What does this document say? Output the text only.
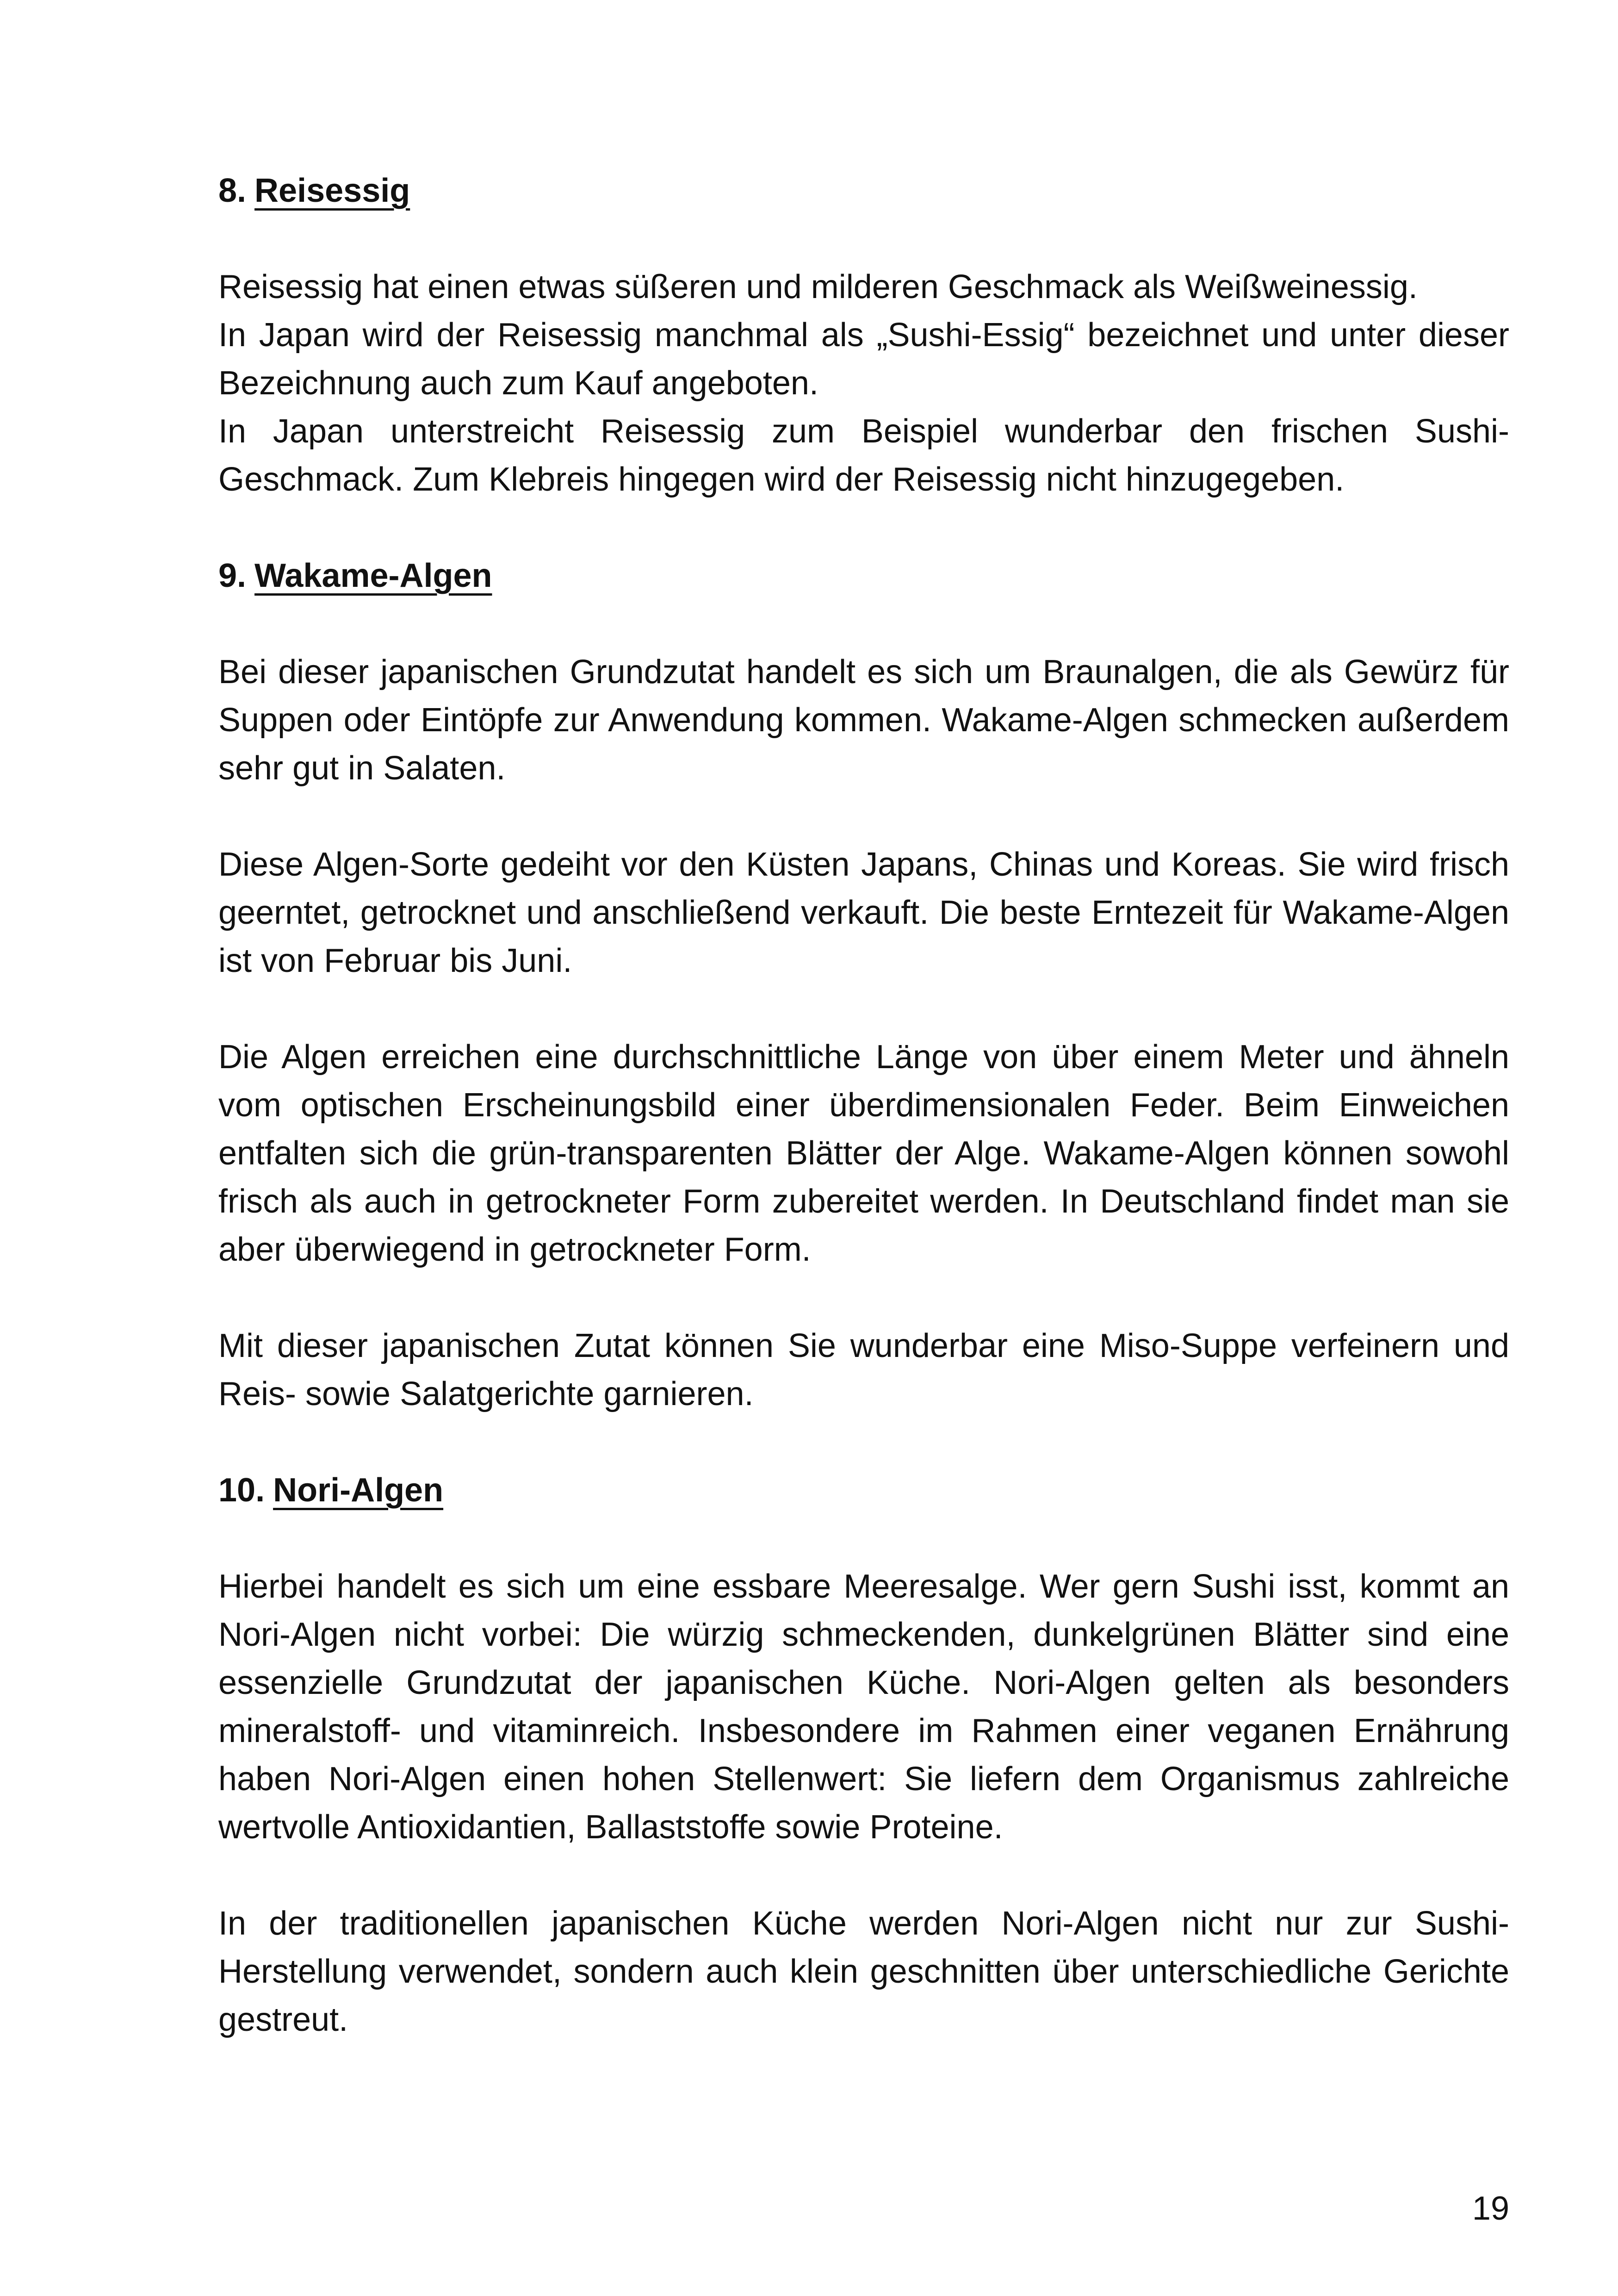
8. Reisessig

Reisessig hat einen etwas süßeren und milderen Geschmack als Weißweinessig.
In Japan wird der Reisessig manchmal als „Sushi-Essig“ bezeichnet und unter dieser Bezeichnung auch zum Kauf angeboten.
In Japan unterstreicht Reisessig zum Beispiel wunderbar den frischen Sushi-Geschmack. Zum Klebreis hingegen wird der Reisessig nicht hinzugegeben.

9. Wakame-Algen

Bei dieser japanischen Grundzutat handelt es sich um Braunalgen, die als Gewürz für Suppen oder Eintöpfe zur Anwendung kommen. Wakame-Algen schmecken außerdem sehr gut in Salaten.

Diese Algen-Sorte gedeiht vor den Küsten Japans, Chinas und Koreas. Sie wird frisch geerntet, getrocknet und anschließend verkauft. Die beste Erntezeit für Wakame-Algen ist von Februar bis Juni.

Die Algen erreichen eine durchschnittliche Länge von über einem Meter und ähneln vom optischen Erscheinungsbild einer überdimensionalen Feder. Beim Einweichen entfalten sich die grün-transparenten Blätter der Alge. Wakame-Algen können sowohl frisch als auch in getrockneter Form zubereitet werden. In Deutschland findet man sie aber überwiegend in getrockneter Form.

Mit dieser japanischen Zutat können Sie wunderbar eine Miso-Suppe verfeinern und Reis- sowie Salatgerichte garnieren.

10. Nori-Algen

Hierbei handelt es sich um eine essbare Meeresalge. Wer gern Sushi isst, kommt an Nori-Algen nicht vorbei: Die würzig schmeckenden, dunkelgrünen Blätter sind eine essenzielle Grundzutat der japanischen Küche. Nori-Algen gelten als besonders mineralstoff- und vitaminreich. Insbesondere im Rahmen einer veganen Ernährung haben Nori-Algen einen hohen Stellenwert: Sie liefern dem Organismus zahlreiche wertvolle Antioxidantien, Ballaststoffe sowie Proteine.

In der traditionellen japanischen Küche werden Nori-Algen nicht nur zur Sushi-Herstellung verwendet, sondern auch klein geschnitten über unterschiedliche Gerichte gestreut.

19
